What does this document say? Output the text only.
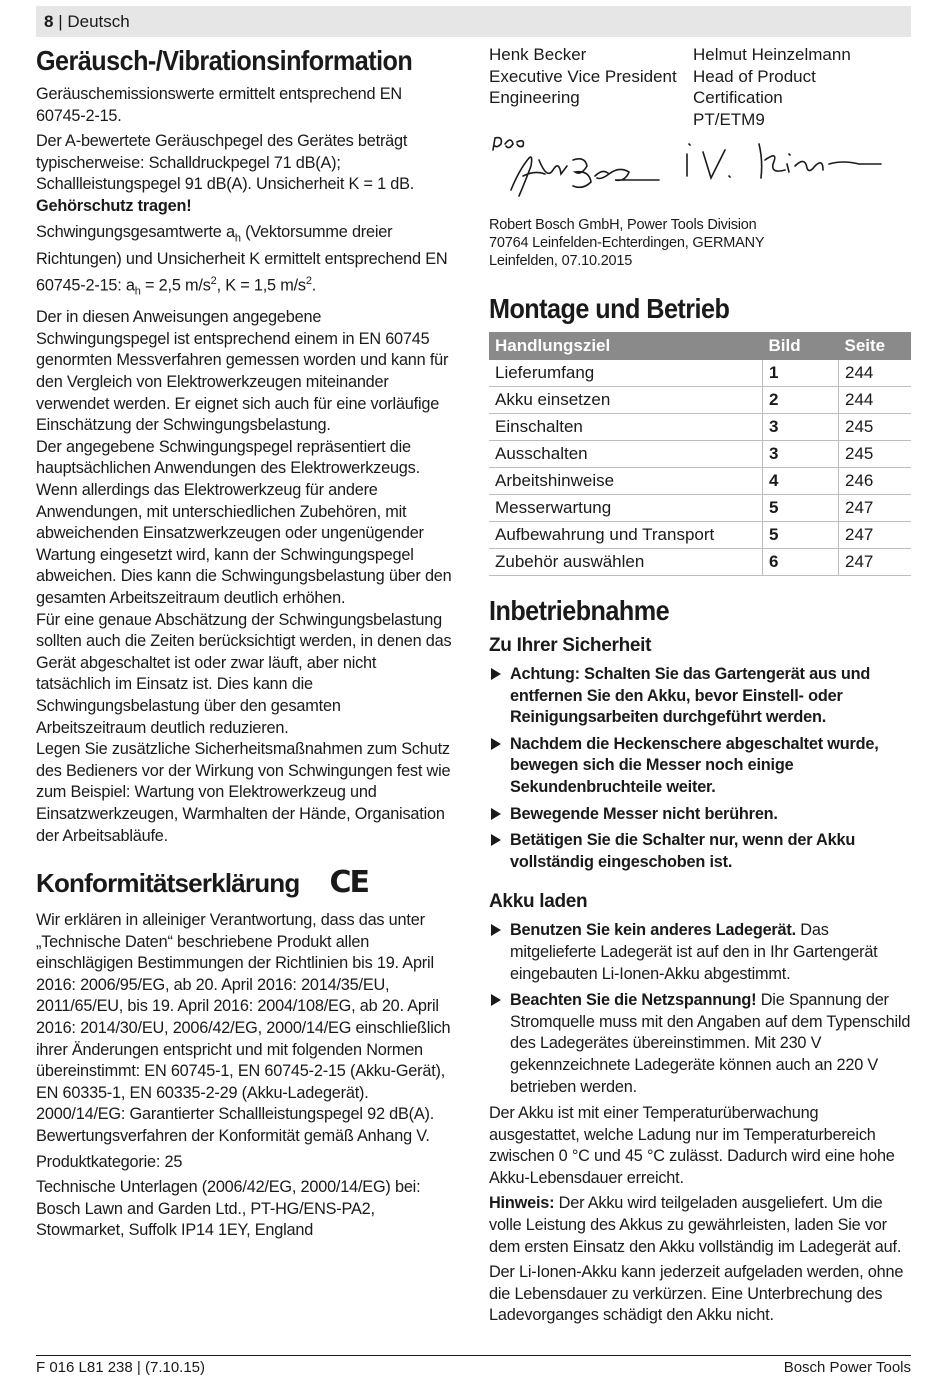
8 | Deutsch
Geräusch-/Vibrationsinformation

Geräuschemissionswerte ermittelt entsprechend EN 60745-2-15.

Der A-bewertete Geräuschpegel des Gerätes beträgt typischerweise: Schalldruckpegel 71 dB(A); Schallleistungspegel 91 dB(A). Unsicherheit K = 1 dB.

Gehörschutz tragen!

Schwingungsgesamtwerte $a_h$ (Vektorsumme dreier Richtungen) und Unsicherheit K ermittelt entsprechend EN 60745-2-15: $a_h = 2,5$ $m/s^2$, K = 1,5 $m/s^2$.

Der in diesen Anweisungen angegebene Schwingungspegel ist entsprechend einem in EN 60745 genormten Messverfahren gemessen worden und kann für den Vergleich von Elektrowerkzeugen miteinander verwendet werden. Er eignet sich auch für eine vorläufige Einschätzung der Schwingungsbelastung.

Der angegebene Schwingungspegel repräsentiert die hauptsächlichen Anwendungen des Elektrowerkzeugs. Wenn allerdings das Elektrowerkzeug für andere Anwendungen, mit unterschiedlichen Zubehören, mit abweichenden Einsatzwerkzeugen oder ungenügender Wartung eingesetzt wird, kann der Schwingungspegel abweichen. Dies kann die Schwingungsbelastung über den gesamten Arbeitszeitraum deutlich erhöhen.

Für eine genaue Abschätzung der Schwingungsbelastung sollten auch die Zeiten berücksichtigt werden, in denen das Gerät abgeschaltet ist oder zwar läuft, aber nicht tatsächlich im Einsatz ist. Dies kann die Schwingungsbelastung über den gesamten Arbeitszeitraum deutlich reduzieren.

Legen Sie zusätzliche Sicherheitsmaßnahmen zum Schutz des Bedieners vor der Wirkung von Schwingungen fest wie zum Beispiel: Wartung von Elektrowerkzeug und Einsatzwerkzeugen, Warmhalten der Hände, Organisation der Arbeitsabläufe.

Konformitätserklärung CE

Wir erklären in alleiniger Verantwortung, dass das unter „Technische Daten“ beschriebene Produkt allen einschlägigen Bestimmungen der Richtlinien bis 19. April 2016: 2006/95/EG, ab 20. April 2016: 2014/35/EU, 2011/65/EU, bis 19. April 2016: 2004/108/EG, ab 20. April 2016: 2014/30/EU, 2006/42/EG, 2000/14/EG einschließlich ihrer Änderungen entspricht und mit folgenden Normen übereinstimmt: EN 60745-1, EN 60745-2-15 (Akku-Gerät), EN 60335-1, EN 60335-2-29 (Akku-Ladegerät).

2000/14/EG: Garantierter Schallleistungspegel 92 dB(A). Bewertungsverfahren der Konformität gemäß Anhang V.

Produktkategorie: 25

Technische Unterlagen (2006/42/EG, 2000/14/EG) bei: Bosch Lawn and Garden Ltd., PT-HG/ENS-PA2, Stowmarket, Suffolk IP14 1EY, England

Henk Becker
Executive Vice President
Engineering
Helmut Heinzelmann
Head of Product Certification
PT/ETM9

Robert Bosch GmbH, Power Tools Division

70764 Leinfelden-Echterdingen, GERMANY

Leinfelden, 07.10.2015

Montage und Betrieb
Handlungsziel	Bild	Seite
Lieferumfang	1	244
Akku einsetzen	2	244
Einschalten	3	245
Ausschalten	3	245
Arbeitshinweise	4	246
Messerwartung	5	247
Aufbewahrung und Transport	5	247
Zubehör auswählen	6	247
Inbetriebnahme
Zu Ihrer Sicherheit

Achtung: Schalten Sie das Gartengerät aus und entfernen Sie den Akku, bevor Einstell- oder Reinigungsarbeiten durchgeführt werden.

Nachdem die Heckenschere abgeschaltet wurde, bewegen sich die Messer noch einige Sekundenbruchteile weiter.

Bewegende Messer nicht berühren.

Betätigen Sie die Schalter nur, wenn der Akku vollständig eingeschoben ist.

Akku laden

Benutzen Sie kein anderes Ladegerät. Das mitgelieferte Ladegerät ist auf den in Ihr Gartengerät eingebauten Li-Ionen-Akku abgestimmt.

Beachten Sie die Netzspannung! Die Spannung der Stromquelle muss mit den Angaben auf dem Typenschild des Ladegerätes übereinstimmen. Mit 230 V gekennzeichnete Ladegeräte können auch an 220 V betrieben werden.

Der Akku ist mit einer Temperaturüberwachung ausgestattet, welche Ladung nur im Temperaturbereich zwischen 0 °C und 45 °C zulässt. Dadurch wird eine hohe Akku-Lebensdauer erreicht.

Hinweis: Der Akku wird teilgeladen ausgeliefert. Um die volle Leistung des Akkus zu gewährleisten, laden Sie vor dem ersten Einsatz den Akku vollständig im Ladegerät auf.

Der Li-Ionen-Akku kann jederzeit aufgeladen werden, ohne die Lebensdauer zu verkürzen. Eine Unterbrechung des Ladevorganges schädigt den Akku nicht.

F 016 L81 238 | (7.10.15)	Bosch Power Tools
